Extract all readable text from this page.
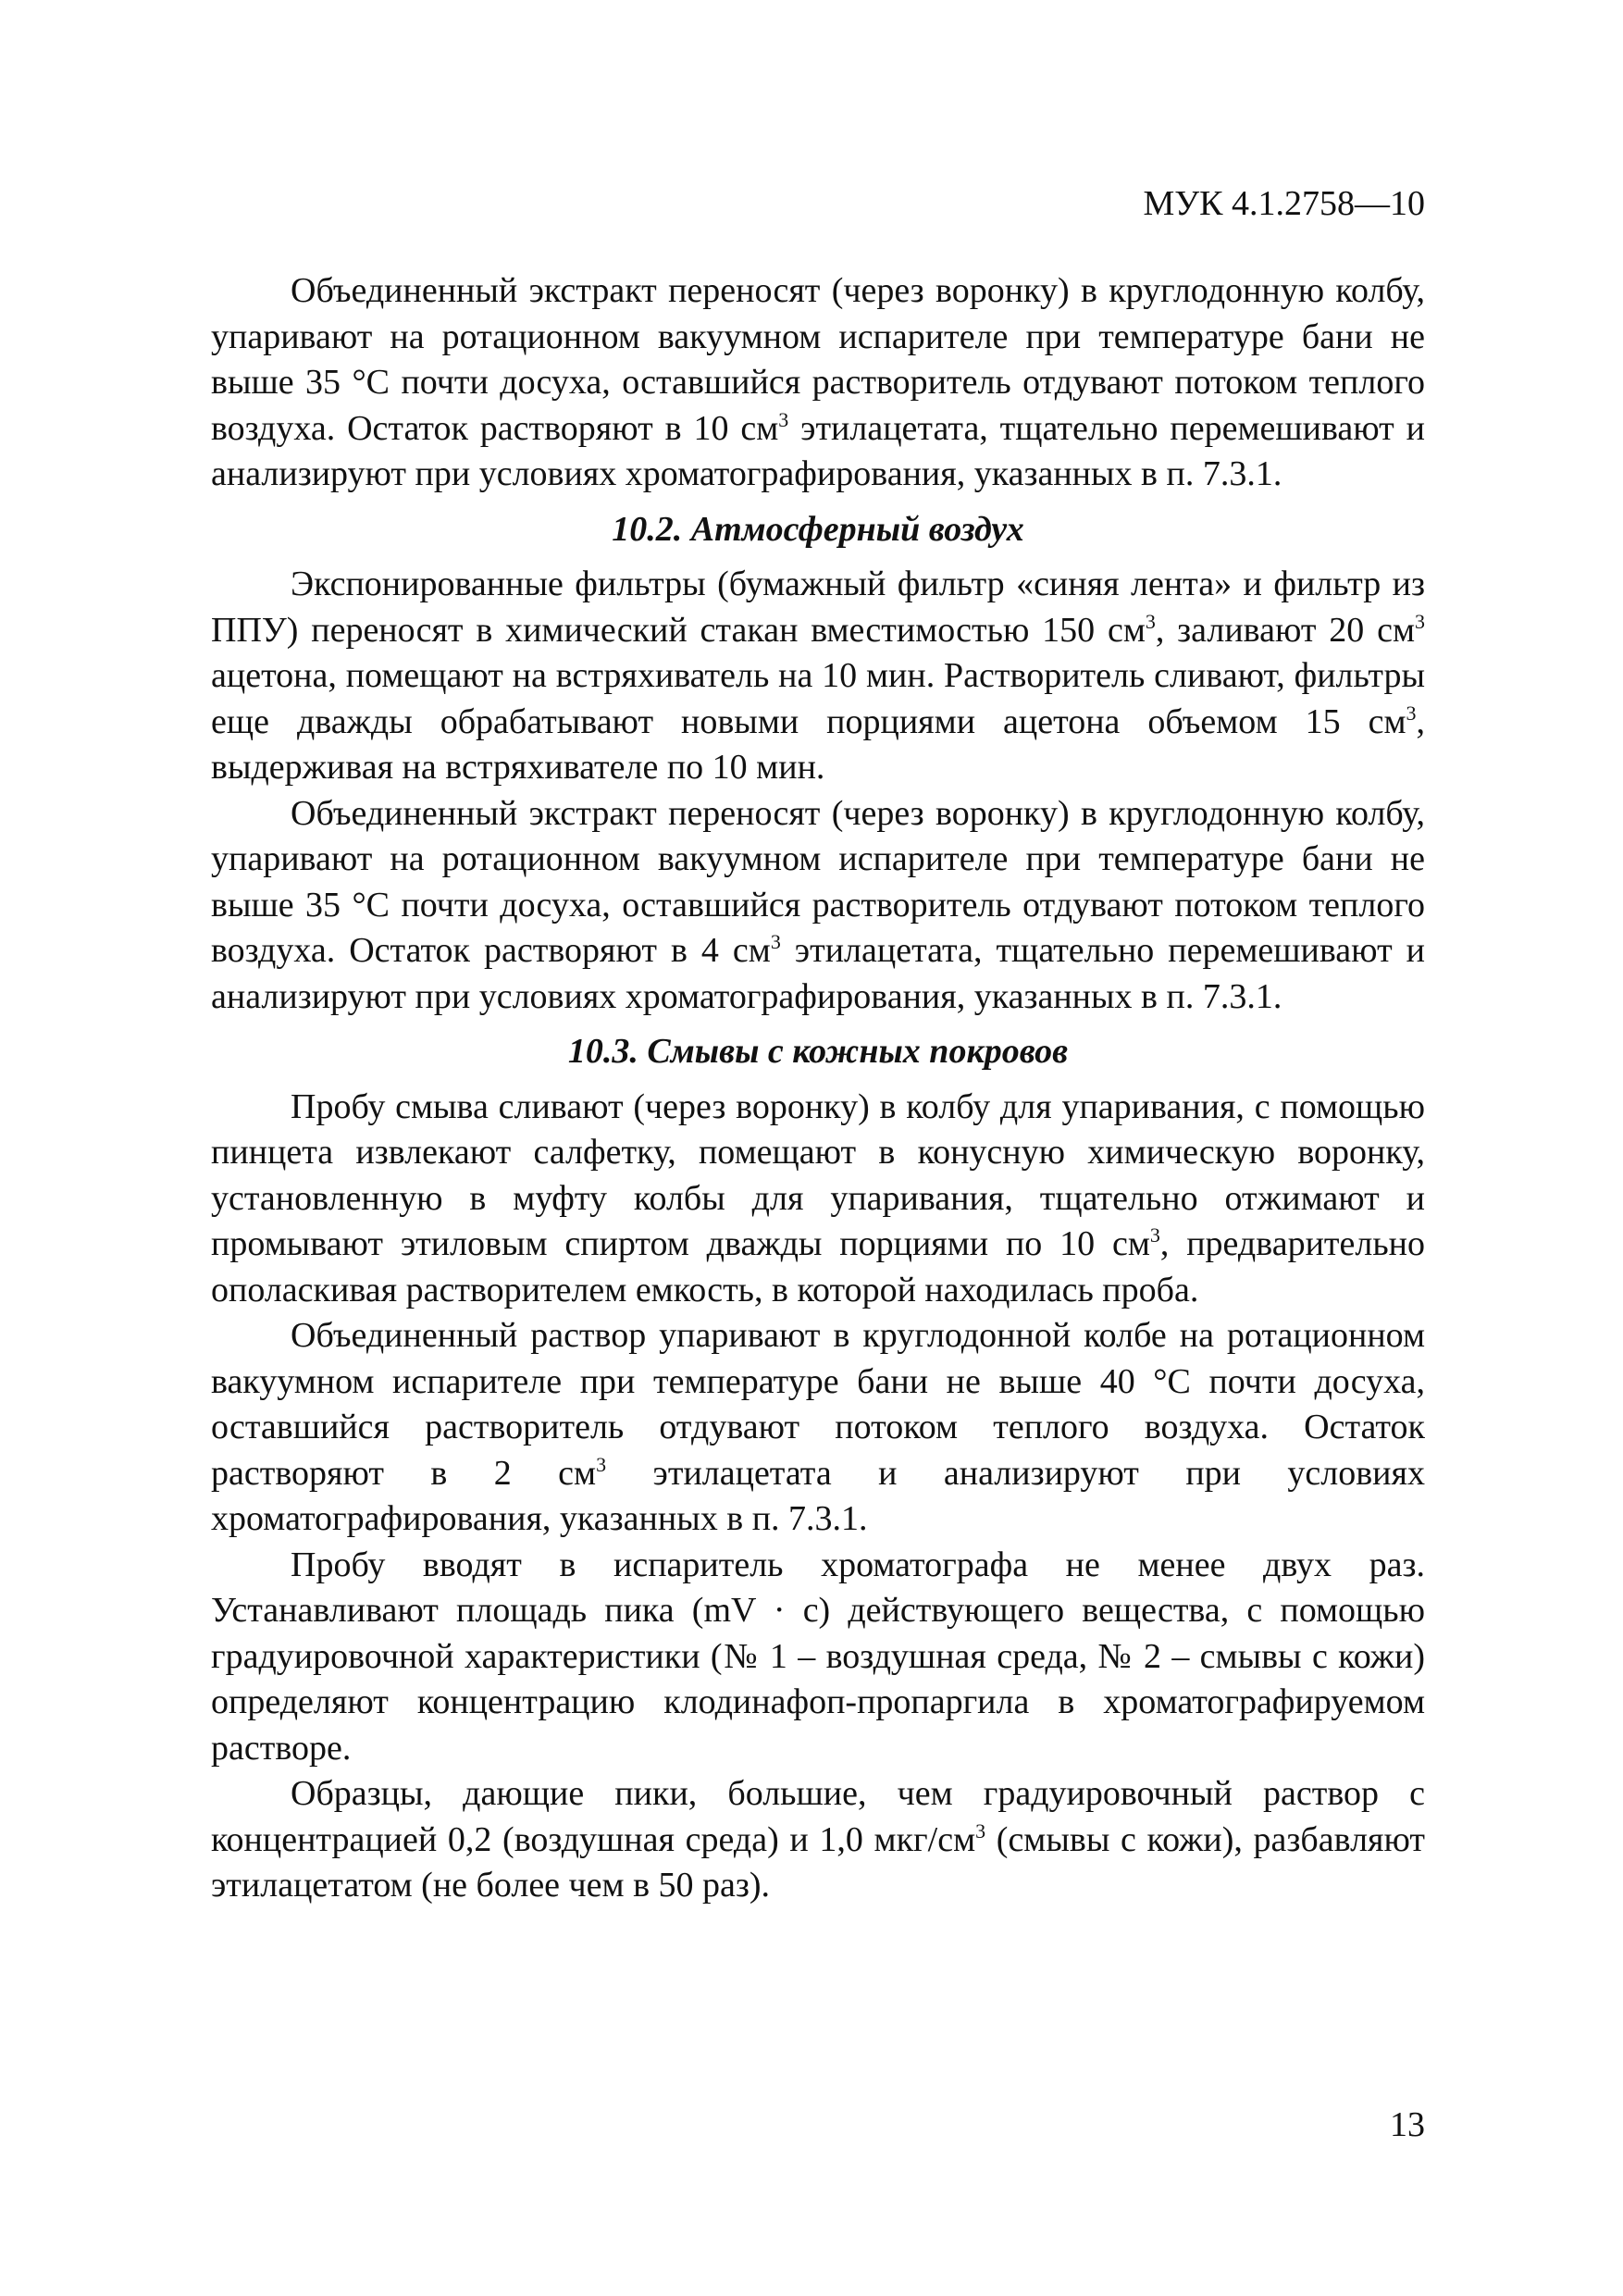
МУК 4.1.2758—10

Объединенный экстракт переносят (через воронку) в круглодонную колбу, упаривают на ротационном вакуумном испарителе при температуре бани не выше 35 °С почти досуха, оставшийся растворитель отдувают потоком теплого воздуха. Остаток растворяют в 10 $см^3$ этилацетата, тщательно перемешивают и анализируют при условиях хроматографирования, указанных в п. 7.3.1.

10.2. Атмосферный воздух

Экспонированные фильтры (бумажный фильтр «синяя лента» и фильтр из ППУ) переносят в химический стакан вместимостью 150 $см^3$, заливают 20 $см^3$ ацетона, помещают на встряхиватель на 10 мин. Растворитель сливают, фильтры еще дважды обрабатывают новыми порциями ацетона объемом 15 $см^3$, выдерживая на встряхивателе по 10 мин.

Объединенный экстракт переносят (через воронку) в круглодонную колбу, упаривают на ротационном вакуумном испарителе при температуре бани не выше 35 °С почти досуха, оставшийся растворитель отдувают потоком теплого воздуха. Остаток растворяют в 4 $см^3$ этилацетата, тщательно перемешивают и анализируют при условиях хроматографирования, указанных в п. 7.3.1.

10.3. Смывы с кожных покровов

Пробу смыва сливают (через воронку) в колбу для упаривания, с помощью пинцета извлекают салфетку, помещают в конусную химическую воронку, установленную в муфту колбы для упаривания, тщательно отжимают и промывают этиловым спиртом дважды порциями по 10 $см^3$, предварительно ополаскивая растворителем емкость, в которой находилась проба.

Объединенный раствор упаривают в круглодонной колбе на ротационном вакуумном испарителе при температуре бани не выше 40 °С почти досуха, оставшийся растворитель отдувают потоком теплого воздуха. Остаток растворяют в 2 $см^3$ этилацетата и анализируют при условиях хроматографирования, указанных в п. 7.3.1.

Пробу вводят в испаритель хроматографа не менее двух раз. Устанавливают площадь пика (mV · с) действующего вещества, с помощью градуировочной характеристики (№ 1 – воздушная среда, № 2 – смывы с кожи) определяют концентрацию клодинафоп-пропаргила в хроматографируемом растворе.

Образцы, дающие пики, большие, чем градуировочный раствор с концентрацией 0,2 (воздушная среда) и 1,0 мкг/$см^3$ (смывы с кожи), разбавляют этилацетатом (не более чем в 50 раз).

13
